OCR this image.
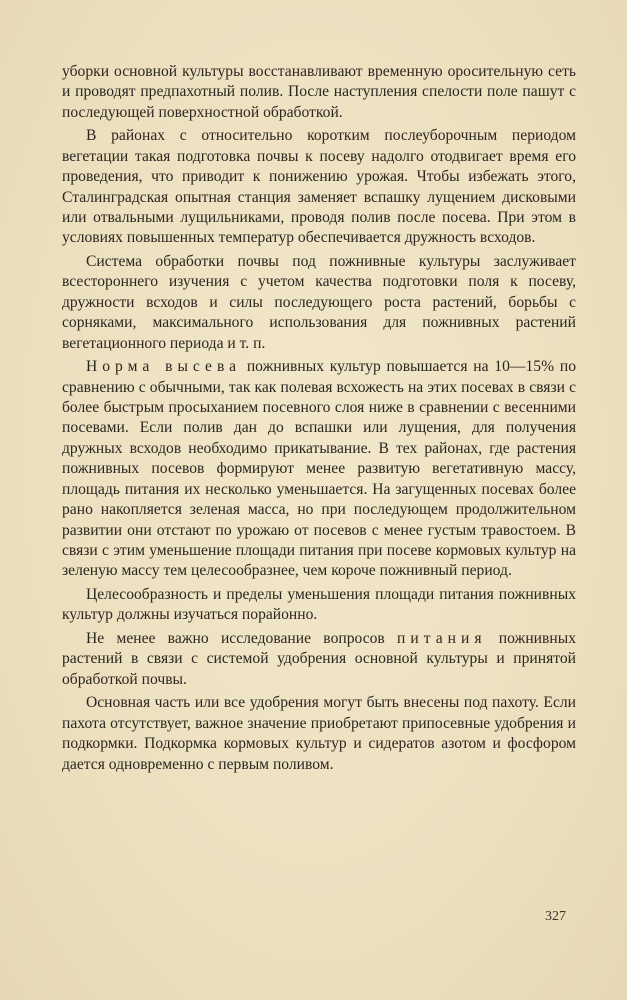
уборки основной культуры восстанавливают временную оросительную сеть и проводят предпахотный полив. После наступления спелости поле пашут с последующей поверхностной обработкой.

В районах с относительно коротким послеуборочным периодом вегетации такая подготовка почвы к посеву надолго отодвигает время его проведения, что приводит к понижению урожая. Чтобы избежать этого, Сталинградская опытная станция заменяет вспашку лущением дисковыми или отвальными лущильниками, проводя полив после посева. При этом в условиях повышенных температур обеспечивается дружность всходов.

Система обработки почвы под пожнивные культуры заслуживает всестороннего изучения с учетом качества подготовки поля к посеву, дружности всходов и силы последующего роста растений, борьбы с сорняками, максимального использования для пожнивных растений вегетационного периода и т. п.

Норма высева пожнивных культур повышается на 10—15% по сравнению с обычными, так как полевая всхожесть на этих посевах в связи с более быстрым просыханием посевного слоя ниже в сравнении с весенними посевами. Если полив дан до вспашки или лущения, для получения дружных всходов необходимо прикатывание. В тех районах, где растения пожнивных посевов формируют менее развитую вегетативную массу, площадь питания их несколько уменьшается. На загущенных посевах более рано накопляется зеленая масса, но при последующем продолжительном развитии они отстают по урожаю от посевов с менее густым травостоем. В связи с этим уменьшение площади питания при посеве кормовых культур на зеленую массу тем целесообразнее, чем короче пожнивный период.

Целесообразность и пределы уменьшения площади питания пожнивных культур должны изучаться порайонно.

Не менее важно исследование вопросов питания пожнивных растений в связи с системой удобрения основной культуры и принятой обработкой почвы.

Основная часть или все удобрения могут быть внесены под пахоту. Если пахота отсутствует, важное значение приобретают припосевные удобрения и подкормки. Подкормка кормовых культур и сидератов азотом и фосфором дается одновременно с первым поливом.

327
